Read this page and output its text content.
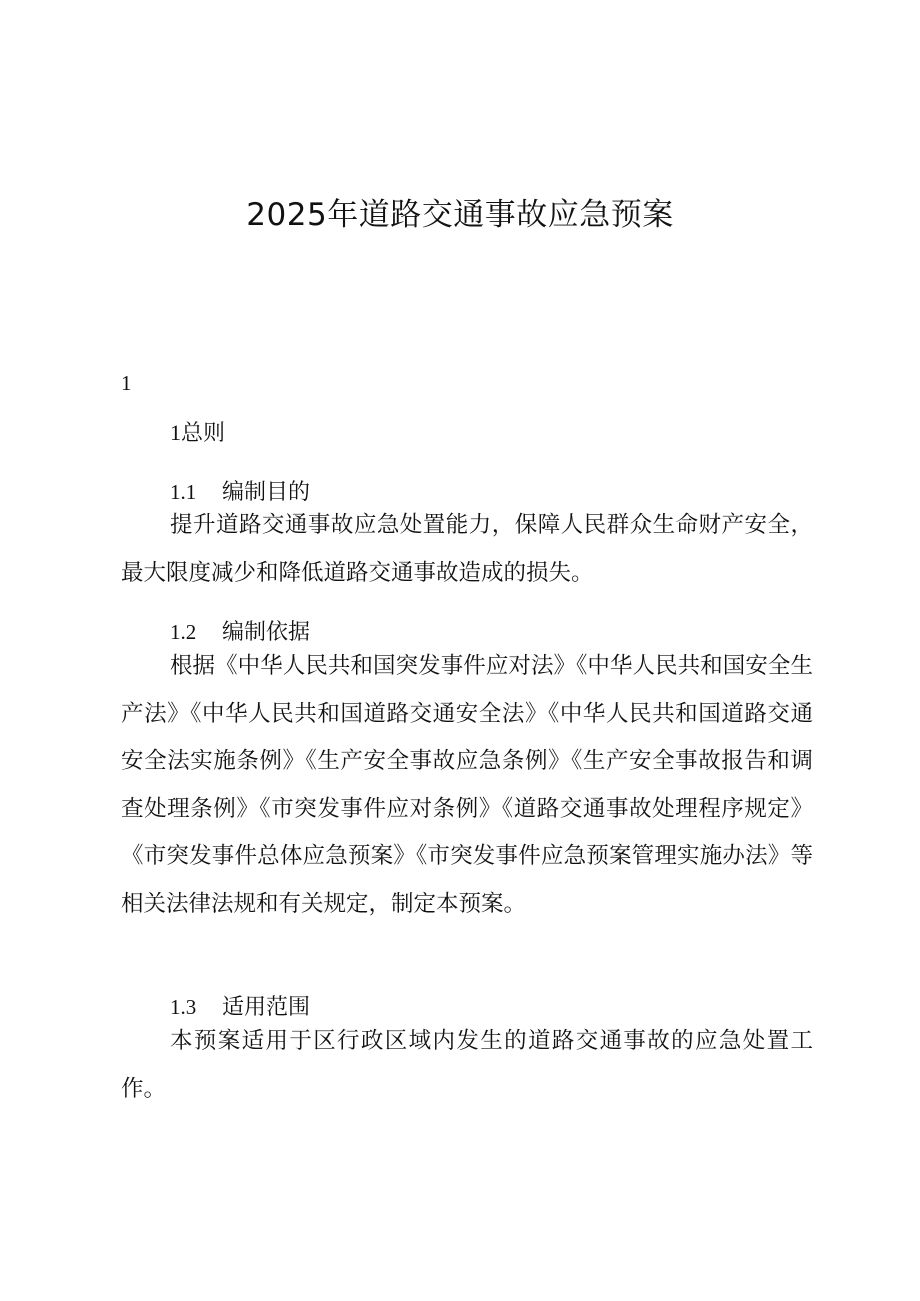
2025年道路交通事故应急预案
1
1总则
1.1 编制目的

提升道路交通事故应急处置能力，保障人民群众生命财产安全，最大限度减少和降低道路交通事故造成的损失。

1.2 编制依据

根据《中华人民共和国突发事件应对法》《中华人民共和国安全生产法》《中华人民共和国道路交通安全法》《中华人民共和国道路交通安全法实施条例》《生产安全事故应急条例》《生产安全事故报告和调查处理条例》《市突发事件应对条例》《道路交通事故处理程序规定》《市突发事件总体应急预案》《市突发事件应急预案管理实施办法》等相关法律法规和有关规定，制定本预案。

1.3 适用范围

本预案适用于区行政区域内发生的道路交通事故的应急处置工作。
